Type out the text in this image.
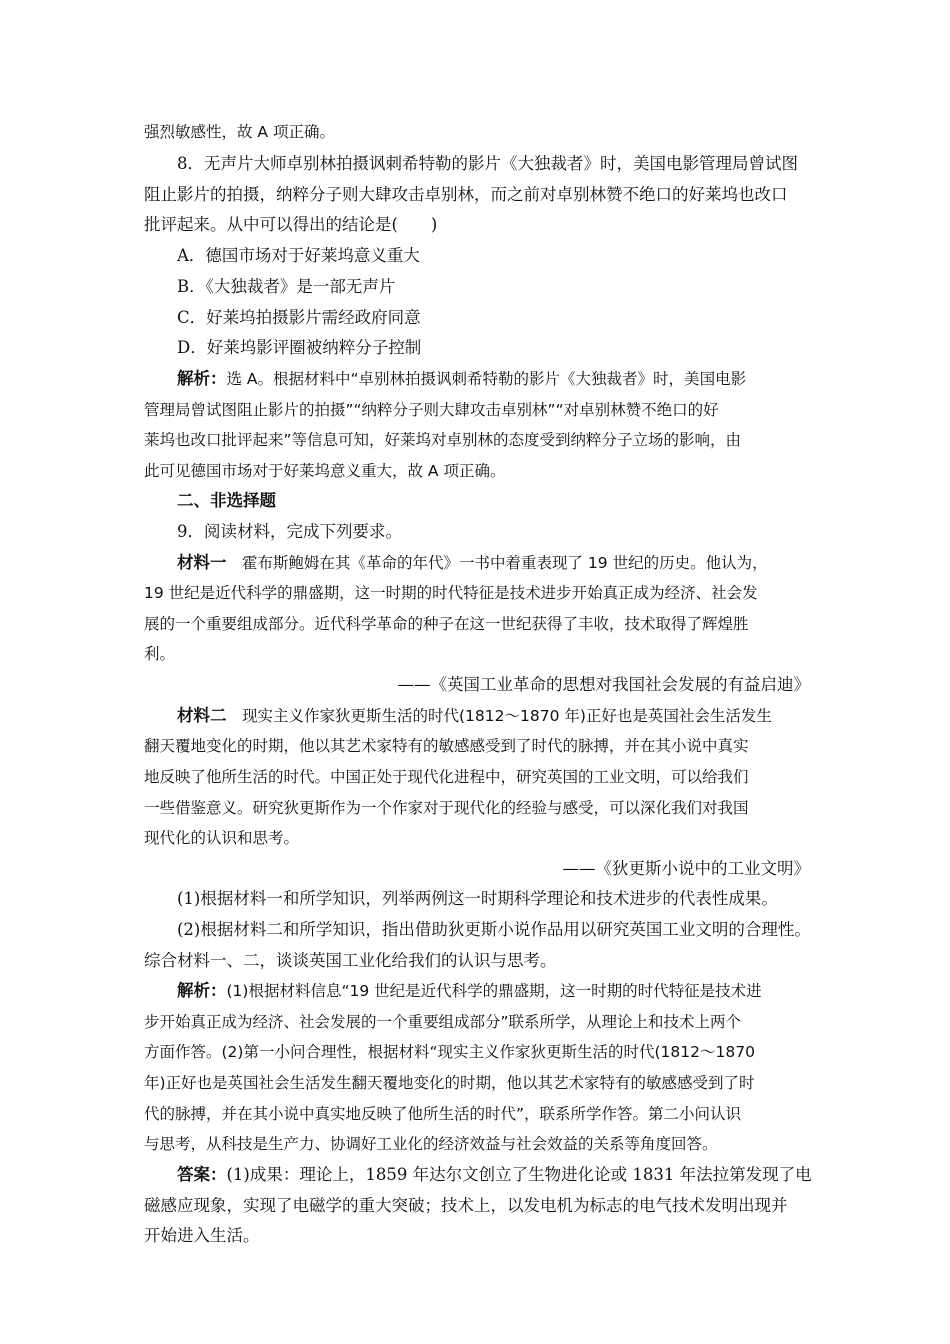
强烈敏感性，故 A 项正确。
8．无声片大师卓别林拍摄讽刺希特勒的影片《大独裁者》时，美国电影管理局曾试图
阻止影片的拍摄，纳粹分子则大肆攻击卓别林，而之前对卓别林赞不绝口的好莱坞也改口
批评起来。从中可以得出的结论是(　　)
A．德国市场对于好莱坞意义重大
B．《大独裁者》是一部无声片
C．好莱坞拍摄影片需经政府同意
D．好莱坞影评圈被纳粹分子控制
解析：选 A。根据材料中“卓别林拍摄讽刺希特勒的影片《大独裁者》时，美国电影
管理局曾试图阻止影片的拍摄”“纳粹分子则大肆攻击卓别林”“对卓别林赞不绝口的好
莱坞也改口批评起来”等信息可知，好莱坞对卓别林的态度受到纳粹分子立场的影响，由
此可见德国市场对于好莱坞意义重大，故 A 项正确。
二、非选择题
9．阅读材料，完成下列要求。
材料一　霍布斯鲍姆在其《革命的年代》一书中着重表现了 19 世纪的历史。他认为，
19 世纪是近代科学的鼎盛期，这一时期的时代特征是技术进步开始真正成为经济、社会发
展的一个重要组成部分。近代科学革命的种子在这一世纪获得了丰收，技术取得了辉煌胜
利。
——《英国工业革命的思想对我国社会发展的有益启迪》
材料二　现实主义作家狄更斯生活的时代(1812～1870 年)正好也是英国社会生活发生
翻天覆地变化的时期，他以其艺术家特有的敏感感受到了时代的脉搏，并在其小说中真实
地反映了他所生活的时代。中国正处于现代化进程中，研究英国的工业文明，可以给我们
一些借鉴意义。研究狄更斯作为一个作家对于现代化的经验与感受，可以深化我们对我国
现代化的认识和思考。
——《狄更斯小说中的工业文明》
(1)根据材料一和所学知识，列举两例这一时期科学理论和技术进步的代表性成果。
(2)根据材料二和所学知识，指出借助狄更斯小说作品用以研究英国工业文明的合理性。
综合材料一、二，谈谈英国工业化给我们的认识与思考。
解析：(1)根据材料信息“19 世纪是近代科学的鼎盛期，这一时期的时代特征是技术进
步开始真正成为经济、社会发展的一个重要组成部分”联系所学，从理论上和技术上两个
方面作答。(2)第一小问合理性，根据材料“现实主义作家狄更斯生活的时代(1812～1870
年)正好也是英国社会生活发生翻天覆地变化的时期，他以其艺术家特有的敏感感受到了时
代的脉搏，并在其小说中真实地反映了他所生活的时代”，联系所学作答。第二小问认识
与思考，从科技是生产力、协调好工业化的经济效益与社会效益的关系等角度回答。
答案：(1)成果：理论上，1859 年达尔文创立了生物进化论或 1831 年法拉第发现了电
磁感应现象，实现了电磁学的重大突破；技术上，以发电机为标志的电气技术发明出现并
开始进入生活。
